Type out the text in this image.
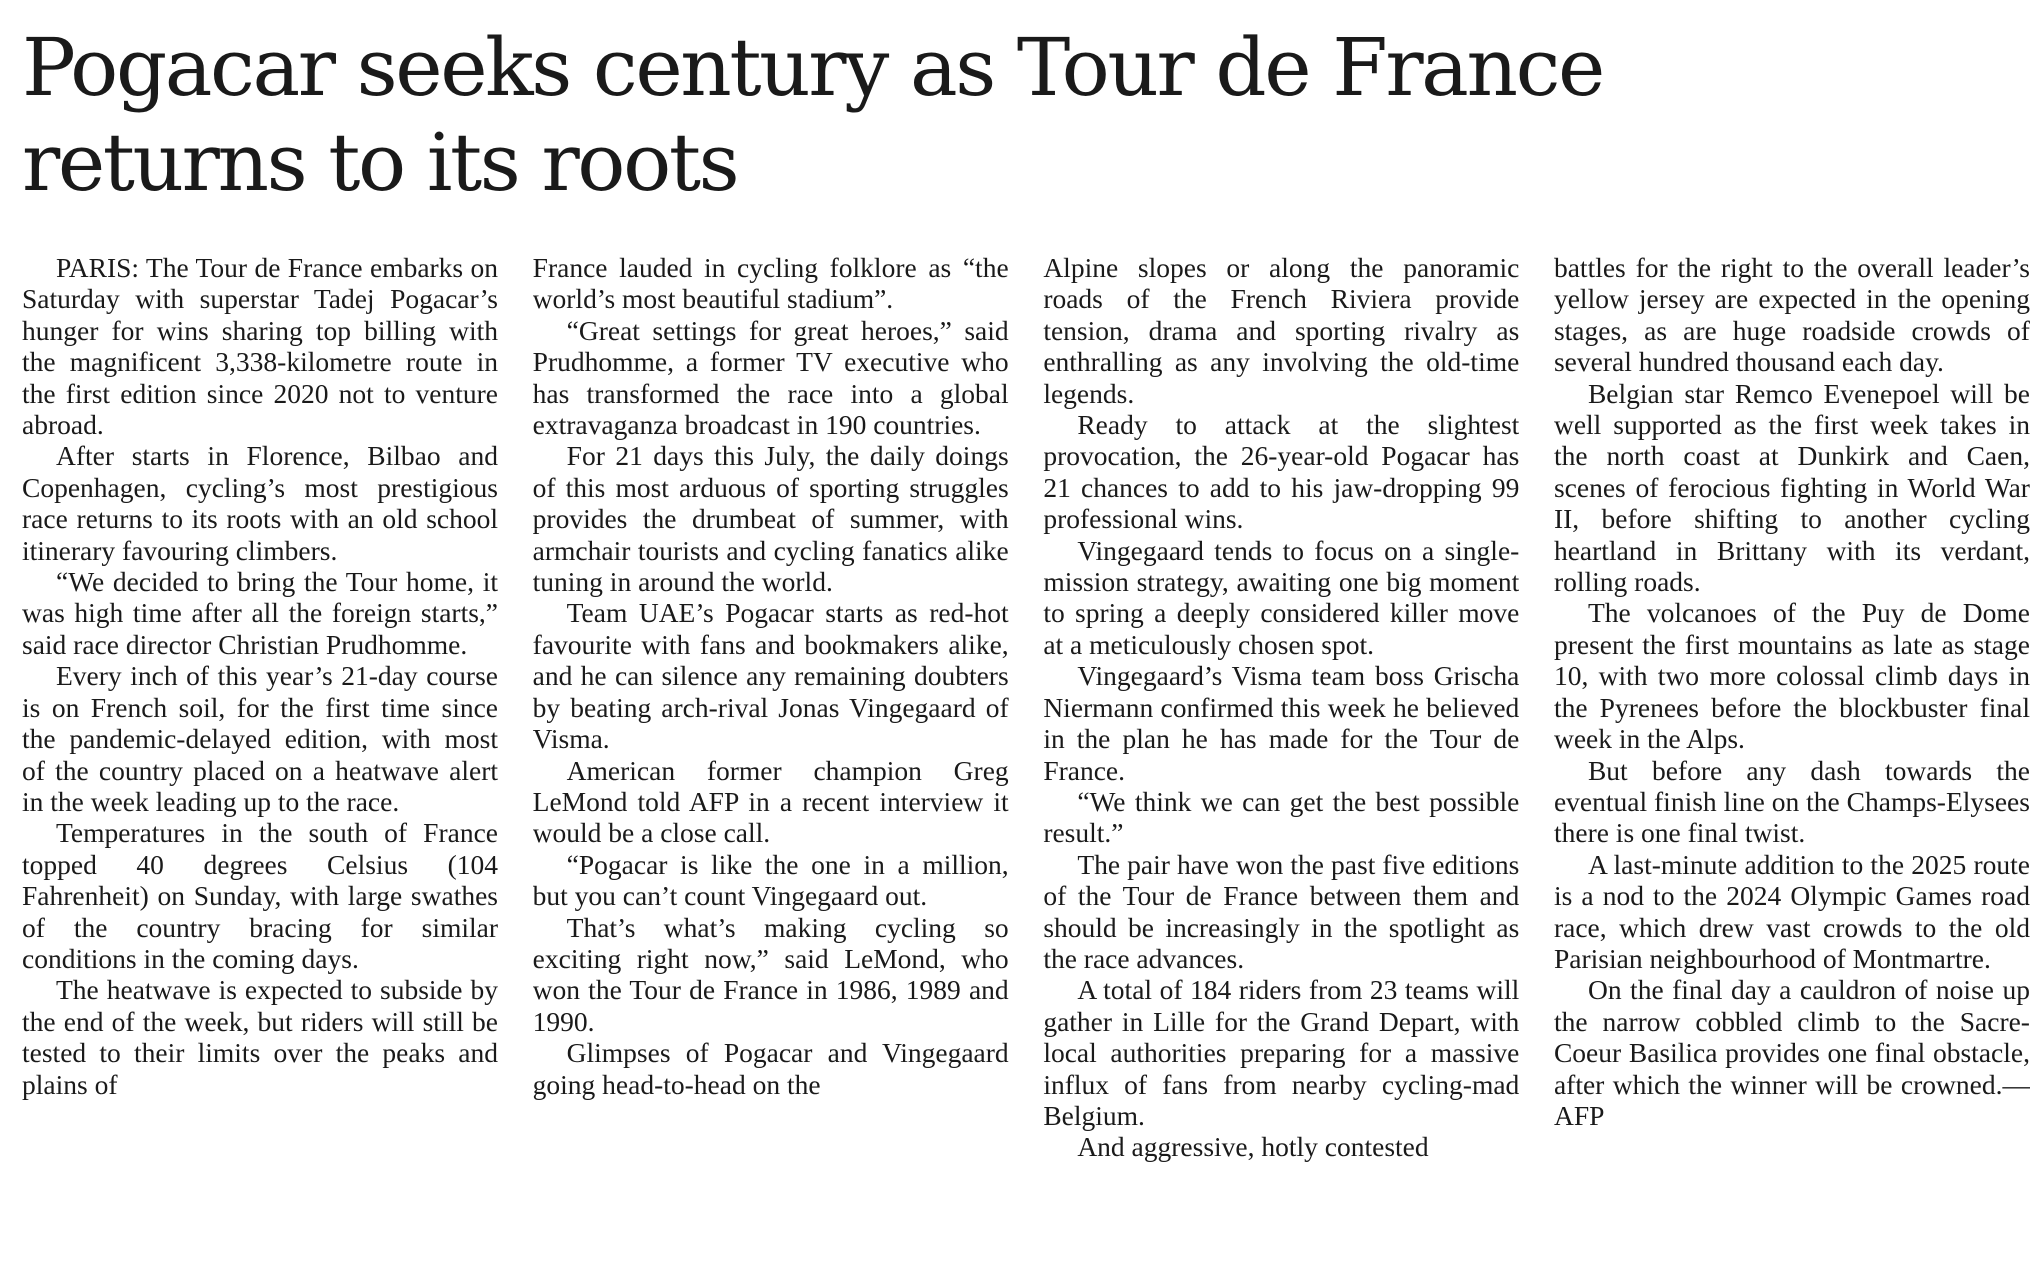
Pogacar seeks century as Tour de France
returns to its roots

PARIS: The Tour de France embarks on Saturday with superstar Tadej Pogacar’s hunger for wins sharing top billing with the magnificent 3,338-kilometre route in the first edition since 2020 not to venture abroad.

After starts in Florence, Bilbao and Copenhagen, cycling’s most prestigious race returns to its roots with an old school itinerary favouring climbers.

“We decided to bring the Tour home, it was high time after all the foreign starts,” said race director Christian Prudhomme.

Every inch of this year’s 21-day course is on French soil, for the first time since the pandemic-delayed edition, with most of the country placed on a heatwave alert in the week leading up to the race.

Temperatures in the south of France topped 40 degrees Celsius (104 Fahrenheit) on Sunday, with large swathes of the country bracing for similar conditions in the coming days.

The heatwave is expected to subside by the end of the week, but riders will still be tested to their limits over the peaks and plains of

France lauded in cycling folklore as “the world’s most beautiful stadium”.

“Great settings for great heroes,” said Prudhomme, a former TV executive who has transformed the race into a global extravaganza broadcast in 190 countries.

For 21 days this July, the daily doings of this most arduous of sporting struggles provides the drumbeat of summer, with armchair tourists and cycling fanatics alike tuning in around the world.

Team UAE’s Pogacar starts as red-hot favourite with fans and bookmakers alike, and he can silence any remaining doubters by beating arch-rival Jonas Vingegaard of Visma.

American former champion Greg LeMond told AFP in a recent interview it would be a close call.

“Pogacar is like the one in a million, but you can’t count Vingegaard out.

That’s what’s making cycling so exciting right now,” said LeMond, who won the Tour de France in 1986, 1989 and 1990.

Glimpses of Pogacar and Vingegaard going head-to-head on the

Alpine slopes or along the panoramic roads of the French Riviera provide tension, drama and sporting rivalry as enthralling as any involving the old-time legends.

Ready to attack at the slightest provocation, the 26-year-old Pogacar has 21 chances to add to his jaw-dropping 99 professional wins.

Vingegaard tends to focus on a single-mission strategy, awaiting one big moment to spring a deeply considered killer move at a meticulously chosen spot.

Vingegaard’s Visma team boss Grischa Niermann confirmed this week he believed in the plan he has made for the Tour de France.

“We think we can get the best possible result.”

The pair have won the past five editions of the Tour de France between them and should be increasingly in the spotlight as the race advances.

A total of 184 riders from 23 teams will gather in Lille for the Grand Depart, with local authorities preparing for a massive influx of fans from nearby cycling-mad Belgium.

And aggressive, hotly contested

battles for the right to the overall leader’s yellow jersey are expected in the opening stages, as are huge roadside crowds of several hundred thousand each day.

Belgian star Remco Evenepoel will be well supported as the first week takes in the north coast at Dunkirk and Caen, scenes of ferocious fighting in World War II, before shifting to another cycling heartland in Brittany with its verdant, rolling roads.

The volcanoes of the Puy de Dome present the first mountains as late as stage 10, with two more colossal climb days in the Pyrenees before the blockbuster final week in the Alps.

But before any dash towards the eventual finish line on the Champs-Elysees there is one final twist.

A last-minute addition to the 2025 route is a nod to the 2024 Olympic Games road race, which drew vast crowds to the old Parisian neighbourhood of Montmartre.

On the final day a cauldron of noise up the narrow cobbled climb to the Sacre-Coeur Basilica provides one final obstacle, after which the winner will be crowned.—AFP
